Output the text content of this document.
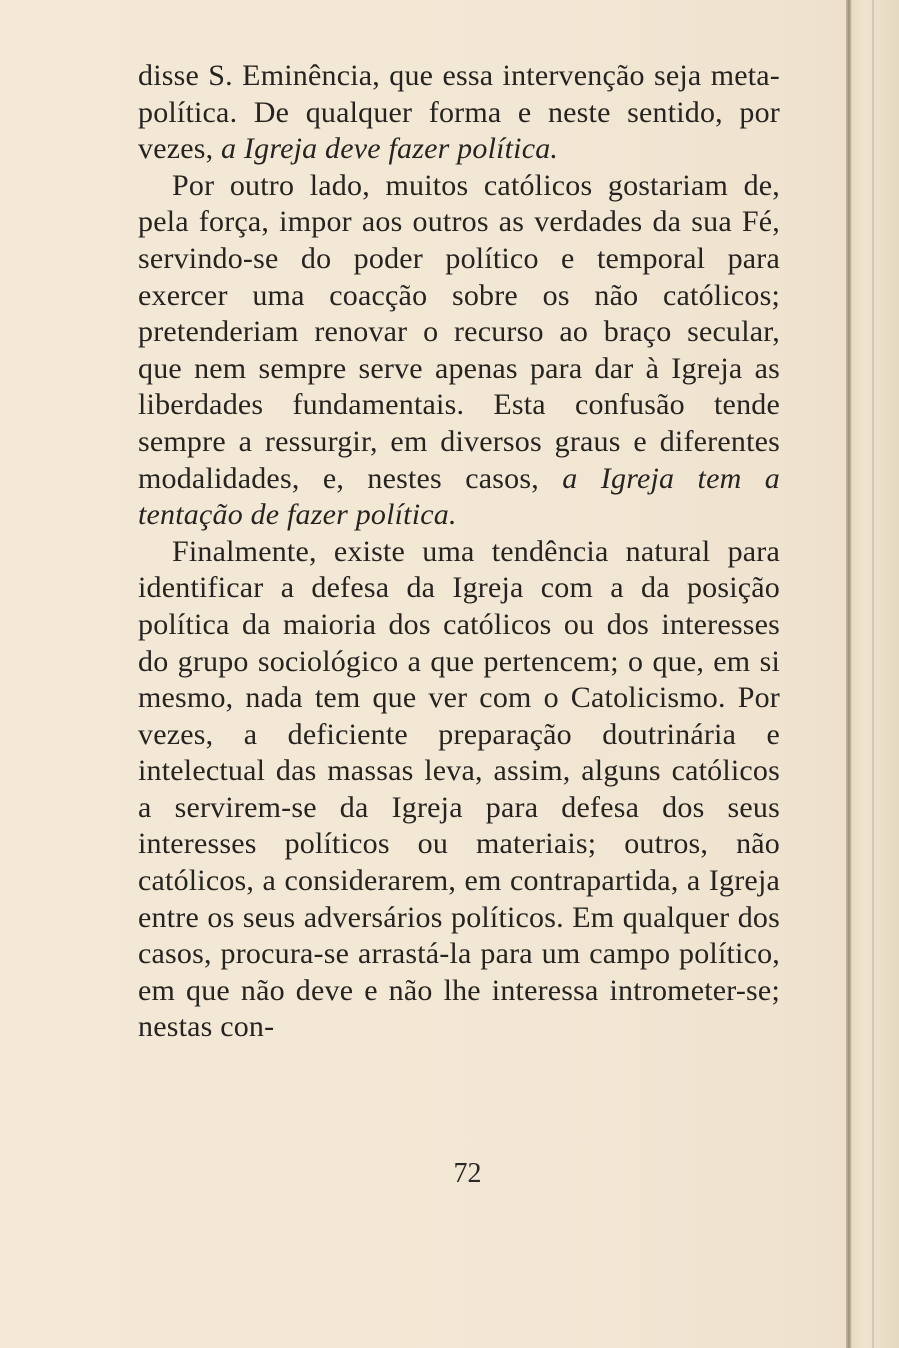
disse S. Eminência, que essa intervenção seja meta-política. De qualquer forma e neste sentido, por vezes, a Igreja deve fazer política.

Por outro lado, muitos católicos gostariam de, pela força, impor aos outros as verdades da sua Fé, servindo-se do poder político e temporal para exercer uma coacção sobre os não católicos; pretenderiam renovar o recurso ao braço secular, que nem sempre serve apenas para dar à Igreja as liberdades fundamentais. Esta confusão tende sempre a ressurgir, em diversos graus e diferentes modalidades, e, nestes casos, a Igreja tem a tentação de fazer política.

Finalmente, existe uma tendência natural para identificar a defesa da Igreja com a da posição política da maioria dos católicos ou dos interesses do grupo sociológico a que pertencem; o que, em si mesmo, nada tem que ver com o Catolicismo. Por vezes, a deficiente preparação doutrinária e intelectual das massas leva, assim, alguns católicos a servirem-se da Igreja para defesa dos seus interesses políticos ou materiais; outros, não católicos, a considerarem, em contrapartida, a Igreja entre os seus adversários políticos. Em qualquer dos casos, procura-se arrastá-la para um campo político, em que não deve e não lhe interessa intrometer-se; nestas con-

72
